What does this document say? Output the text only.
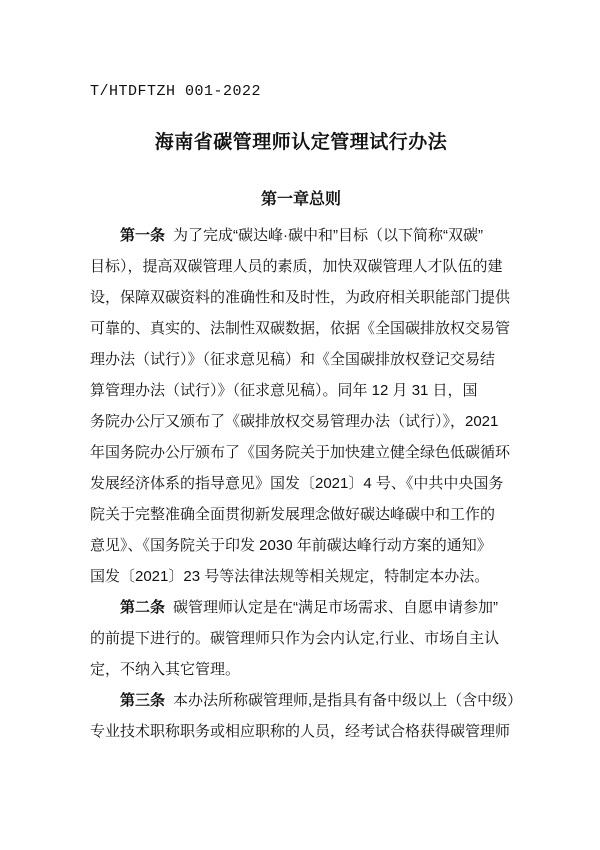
T/HTDFTZH 001-2022
海南省碳管理师认定管理试行办法
第一章总则
第一条 为了完成“碳达峰·碳中和”目标（以下简称“双碳”
目标），提高双碳管理人员的素质，加快双碳管理人才队伍的建
设，保障双碳资料的准确性和及时性，为政府相关职能部门提供
可靠的、真实的、法制性双碳数据，依据《全国碳排放权交易管
理办法（试行）》（征求意见稿）和《全国碳排放权登记交易结
算管理办法（试行）》（征求意见稿）。同年 12 月 31 日，国
务院办公厅又颁布了《碳排放权交易管理办法（试行）》，2021
年国务院办公厅颁布了《国务院关于加快建立健全绿色低碳循环
发展经济体系的指导意见》国发〔2021〕4 号、《中共中央国务
院关于完整准确全面贯彻新发展理念做好碳达峰碳中和工作的
意见》、《国务院关于印发 2030 年前碳达峰行动方案的通知》
国发〔2021〕23 号等法律法规等相关规定，特制定本办法。
第二条 碳管理师认定是在“满足市场需求、自愿申请参加”
的前提下进行的。碳管理师只作为会内认定,行业、市场自主认
定，不纳入其它管理。
第三条 本办法所称碳管理师,是指具有备中级以上（含中级）
专业技术职称职务或相应职称的人员，经考试合格获得碳管理师
